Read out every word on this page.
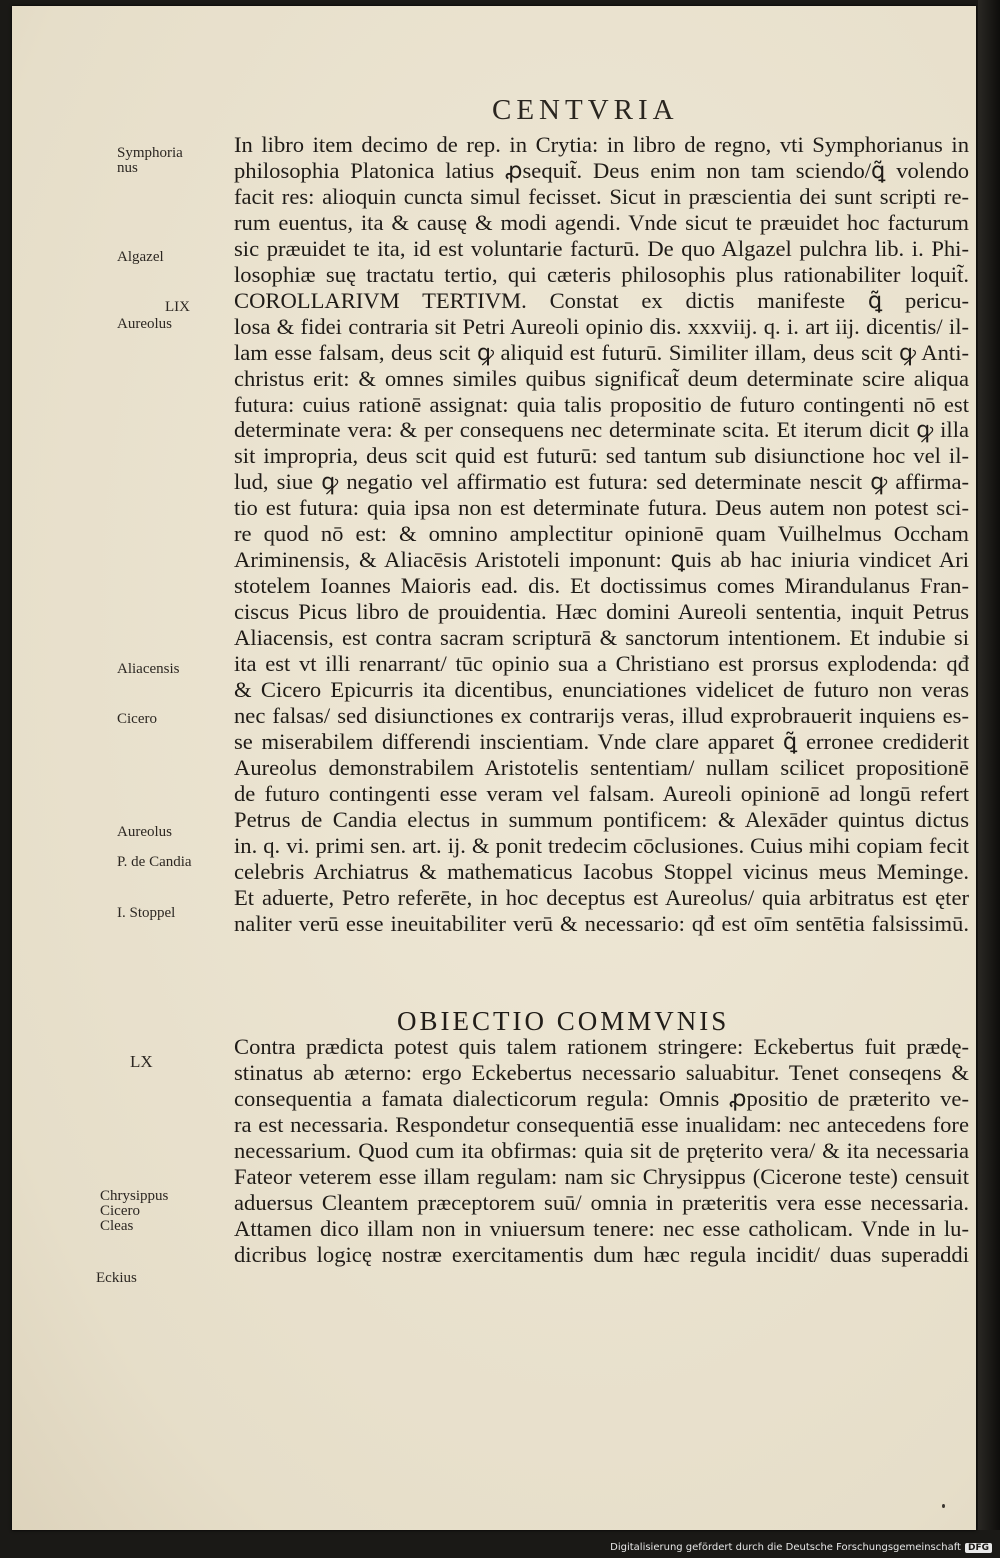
CENTVRIA
Symphoria
nus
Algazel
LIX
Aureolus
Aliacensis
Cicero
Aureolus
P. de Candia
I. Stoppel
LX
Chrysippus
Cicero
Cleas
Eckius
In libro item decimo de rep. in Crytia: in libro de regno, vti Symphorianus in
philosophia Platonica latius ꝓsequit̃. Deus enim non tam sciendo/ꝗ̃ volendo
facit res: alioquin cuncta simul fecisset. Sicut in præscientia dei sunt scripti re-
rum euentus, ita & causę & modi agendi. Vnde sicut te præuidet hoc facturum
sic præuidet te ita, id est voluntarie facturū. De quo Algazel pulchra lib. i. Phi-
losophiæ suę tractatu tertio, qui cæteris philosophis plus rationabiliter loquit̃.
COROLLARIVM TERTIVM. Constat ex dictis manifeste ꝗ̃ pericu-
losa & fidei contraria sit Petri Aureoli opinio dis. xxxviij. q. i. art iij. dicentis/ il-
lam esse falsam, deus scit ꝙ aliquid est futurū. Similiter illam, deus scit ꝙ Anti-
christus erit: & omnes similes quibus significat̃ deum determinate scire aliqua
futura: cuius rationē assignat: quia talis propositio de futuro contingenti nō est
determinate vera: & per consequens nec determinate scita. Et iterum dicit ꝙ illa
sit impropria, deus scit quid est futurū: sed tantum sub disiunctione hoc vel il-
lud, siue ꝙ negatio vel affirmatio est futura: sed determinate nescit ꝙ affirma-
tio est futura: quia ipsa non est determinate futura. Deus autem non potest sci-
re quod nō est: & omnino amplectitur opinionē quam Vuilhelmus Occham
Ariminensis, & Aliacēsis Aristoteli imponunt: ꝗuis ab hac iniuria vindicet Ari
stotelem Ioannes Maioris ead. dis. Et doctissimus comes Mirandulanus Fran-
ciscus Picus libro de prouidentia. Hæc domini Aureoli sententia, inquit Petrus
Aliacensis, est contra sacram scripturā & sanctorum intentionem. Et indubie si
ita est vt illi renarrant/ tūc opinio sua a Christiano est prorsus explodenda: qđ
& Cicero Epicurris ita dicentibus, enunciationes videlicet de futuro non veras
nec falsas/ sed disiunctiones ex contrarijs veras, illud exprobrauerit inquiens es-
se miserabilem differendi inscientiam. Vnde clare apparet ꝗ̃ erronee crediderit
Aureolus demonstrabilem Aristotelis sententiam/ nullam scilicet propositionē
de futuro contingenti esse veram vel falsam. Aureoli opinionē ad longū refert
Petrus de Candia electus in summum pontificem: & Alexāder quintus dictus
in. q. vi. primi sen. art. ij. & ponit tredecim cōclusiones. Cuius mihi copiam fecit
celebris Archiatrus & mathematicus Iacobus Stoppel vicinus meus Meminge.
Et aduerte, Petro referēte, in hoc deceptus est Aureolus/ quia arbitratus est ęter
naliter verū esse ineuitabiliter verū & necessario: qđ est oīm sentētia falsissimū.
OBIECTIO COMMVNIS
Contra prædicta potest quis talem rationem stringere: Eckebertus fuit prædę-
stinatus ab æterno: ergo Eckebertus necessario saluabitur. Tenet conseqens &
consequentia a famata dialecticorum regula: Omnis ꝓpositio de præterito ve-
ra est necessaria. Respondetur consequentiā esse inualidam: nec antecedens fore
necessarium. Quod cum ita obfirmas: quia sit de pręterito vera/ & ita necessaria
Fateor veterem esse illam regulam: nam sic Chrysippus (Cicerone teste) censuit
aduersus Cleantem præceptorem suū/ omnia in præteritis vera esse necessaria.
Attamen dico illam non in vniuersum tenere: nec esse catholicam. Vnde in lu-
dicribus logicę nostræ exercitamentis dum hæc regula incidit/ duas superaddi
Digitalisierung gefördert durch die Deutsche Forschungsgemeinschaft DFG
